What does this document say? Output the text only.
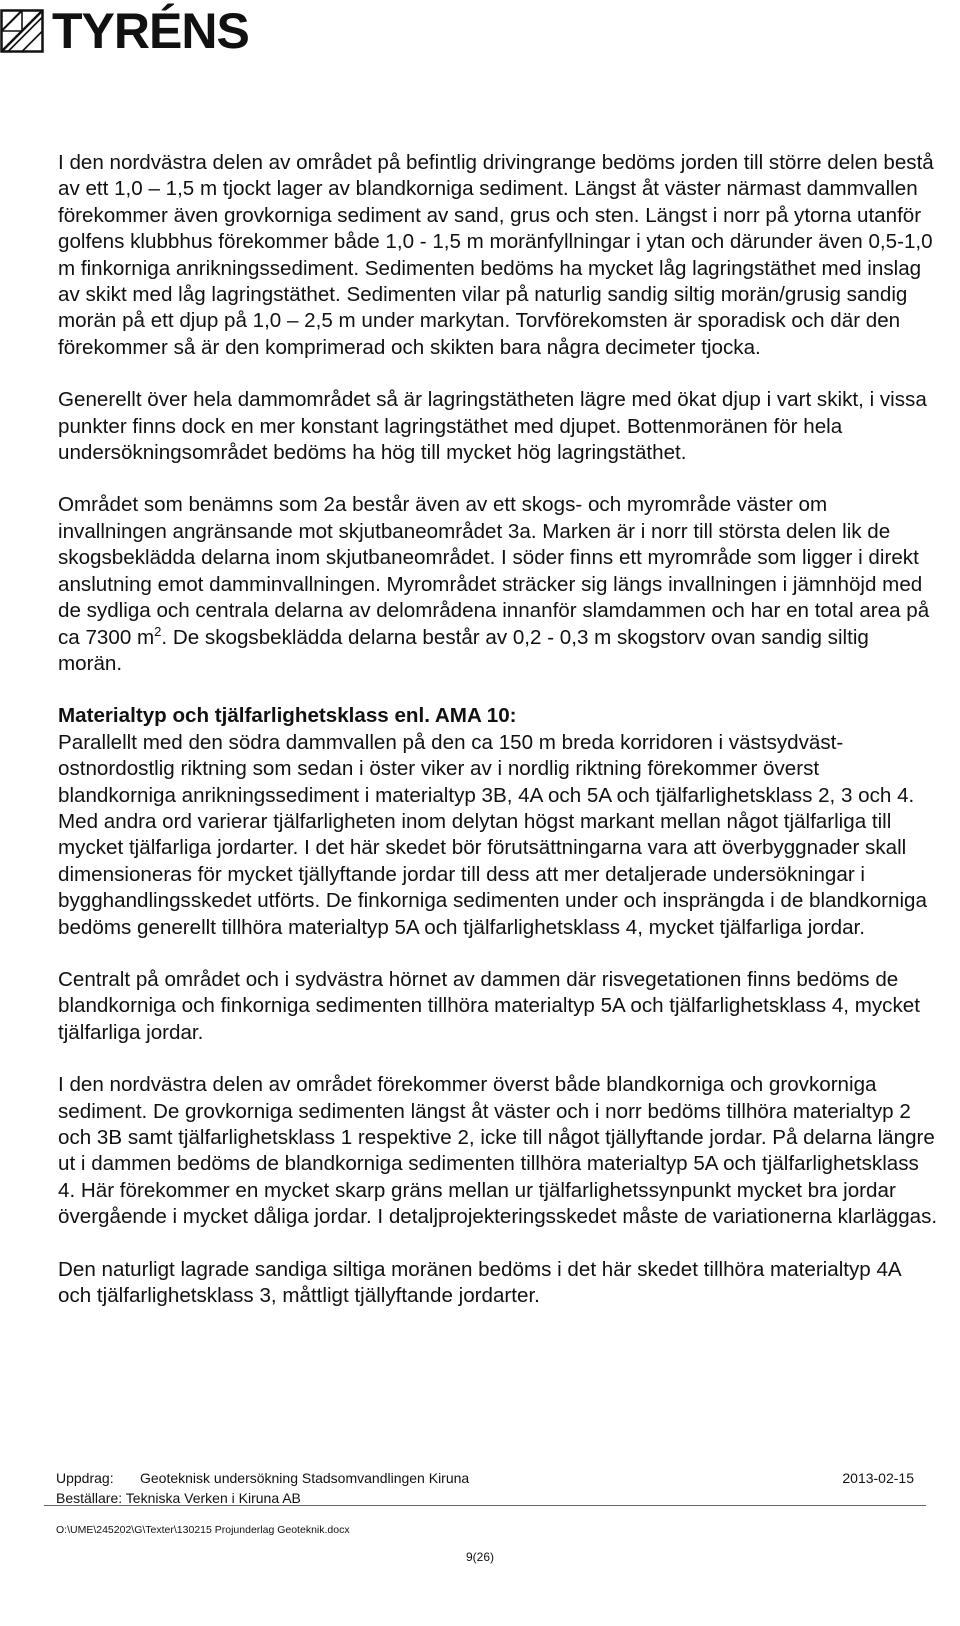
TYRÉNS

I den nordvästra delen av området på befintlig drivingrange bedöms jorden till större delen bestå av ett 1,0 – 1,5 m tjockt lager av blandkorniga sediment. Längst åt väster närmast dammvallen förekommer även grovkorniga sediment av sand, grus och sten. Längst i norr på ytorna utanför golfens klubbhus förekommer både 1,0 - 1,5 m moränfyllningar i ytan och därunder även 0,5-1,0 m finkorniga anrikningssediment. Sedimenten bedöms ha mycket låg lagringstäthet med inslag av skikt med låg lagringstäthet. Sedimenten vilar på naturlig sandig siltig morän/grusig sandig morän på ett djup på 1,0 – 2,5 m under markytan. Torvförekomsten är sporadisk och där den förekommer så är den komprimerad och skikten bara några decimeter tjocka.

Generellt över hela dammområdet så är lagringstätheten lägre med ökat djup i vart skikt, i vissa punkter finns dock en mer konstant lagringstäthet med djupet. Bottenmoränen för hela undersökningsområdet bedöms ha hög till mycket hög lagringstäthet.

Området som benämns som 2a består även av ett skogs- och myrområde väster om invallningen angränsande mot skjutbaneområdet 3a. Marken är i norr till största delen lik de skogsbeklädda delarna inom skjutbaneområdet. I söder finns ett myrområde som ligger i direkt anslutning emot damminvallningen. Myrområdet sträcker sig längs invallningen i jämnhöjd med de sydliga och centrala delarna av delområdena innanför slamdammen och har en total area på ca 7300 $m^2$. De skogsbeklädda delarna består av 0,2 - 0,3 m skogstorv ovan sandig siltig morän.

Materialtyp och tjälfarlighetsklass enl. AMA 10:

Parallellt med den södra dammvallen på den ca 150 m breda korridoren i västsydväst-ostnordostlig riktning som sedan i öster viker av i nordlig riktning förekommer överst blandkorniga anrikningssediment i materialtyp 3B, 4A och 5A och tjälfarlighetsklass 2, 3 och 4. Med andra ord varierar tjälfarligheten inom delytan högst markant mellan något tjälfarliga till mycket tjälfarliga jordarter. I det här skedet bör förutsättningarna vara att överbyggnader skall dimensioneras för mycket tjällyftande jordar till dess att mer detaljerade undersökningar i bygghandlingsskedet utförts. De finkorniga sedimenten under och insprängda i de blandkorniga bedöms generellt tillhöra materialtyp 5A och tjälfarlighetsklass 4, mycket tjälfarliga jordar.

Centralt på området och i sydvästra hörnet av dammen där risvegetationen finns bedöms de blandkorniga och finkorniga sedimenten tillhöra materialtyp 5A och tjälfarlighetsklass 4, mycket tjälfarliga jordar.

I den nordvästra delen av området förekommer överst både blandkorniga och grovkorniga sediment. De grovkorniga sedimenten längst åt väster och i norr bedöms tillhöra materialtyp 2 och 3B samt tjälfarlighetsklass 1 respektive 2, icke till något tjällyftande jordar. På delarna längre ut i dammen bedöms de blandkorniga sedimenten tillhöra materialtyp 5A och tjälfarlighetsklass 4. Här förekommer en mycket skarp gräns mellan ur tjälfarlighetssynpunkt mycket bra jordar övergående i mycket dåliga jordar. I detaljprojekteringsskedet måste de variationerna klarläggas.

Den naturligt lagrade sandiga siltiga moränen bedöms i det här skedet tillhöra materialtyp 4A och tjälfarlighetsklass 3, måttligt tjällyftande jordarter.

Uppdrag: Geoteknisk undersökning Stadsomvandlingen Kiruna	2013-02-15
Beställare: Tekniska Verken i Kiruna AB
O:\UME\245202\G\Texter\130215 Projunderlag Geoteknik.docx
9(26)
